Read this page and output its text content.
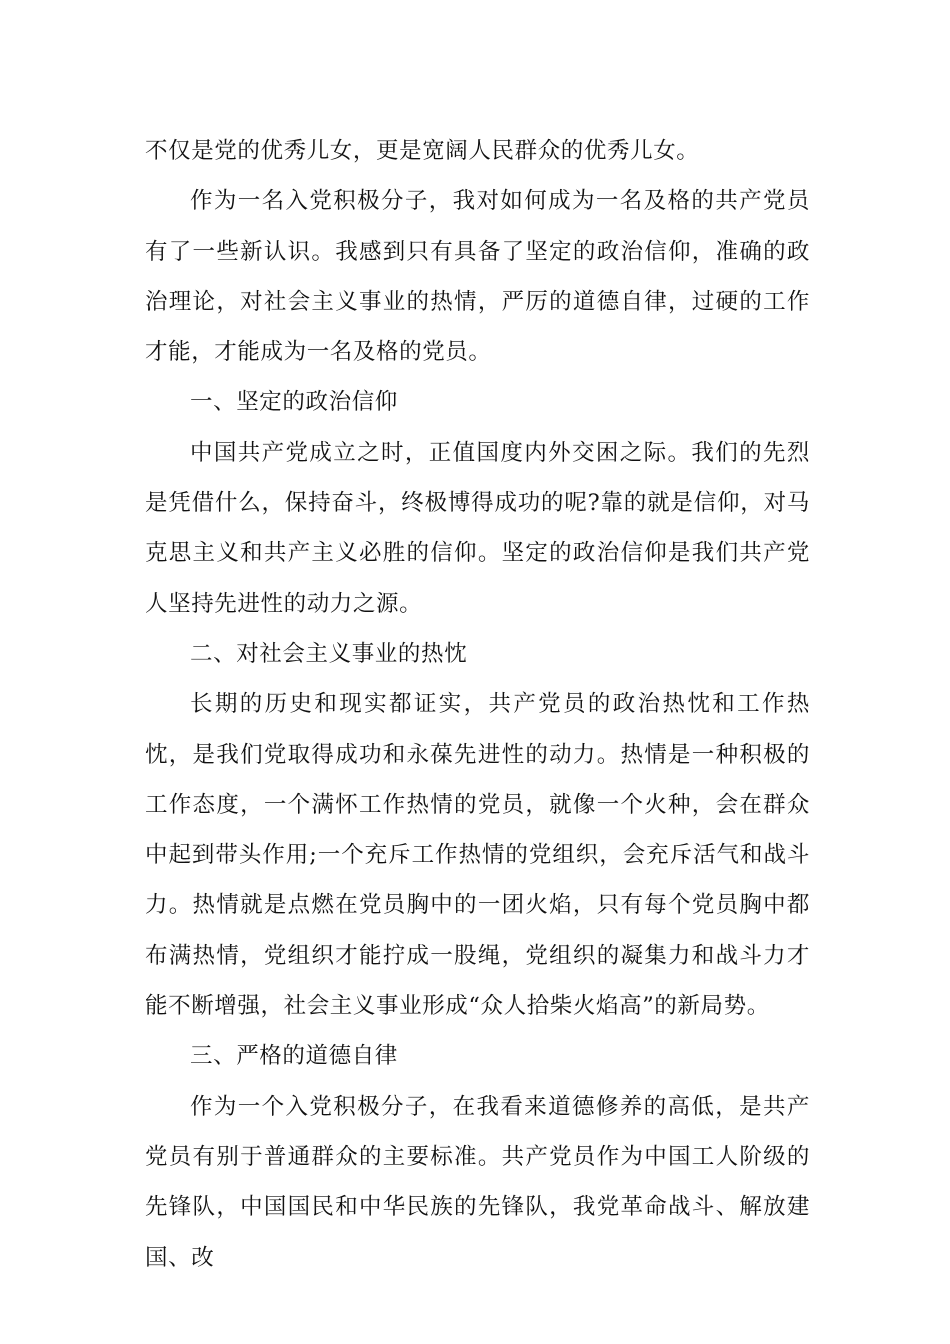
不仅是党的优秀儿女，更是宽阔人民群众的优秀儿女。

作为一名入党积极分子，我对如何成为一名及格的共产党员有了一些新认识。我感到只有具备了坚定的政治信仰，准确的政治理论，对社会主义事业的热情，严厉的道德自律，过硬的工作才能，才能成为一名及格的党员。

一、坚定的政治信仰

中国共产党成立之时，正值国度内外交困之际。我们的先烈是凭借什么，保持奋斗，终极博得成功的呢?靠的就是信仰，对马克思主义和共产主义必胜的信仰。坚定的政治信仰是我们共产党人坚持先进性的动力之源。

二、对社会主义事业的热忱

长期的历史和现实都证实，共产党员的政治热忱和工作热忱，是我们党取得成功和永葆先进性的动力。热情是一种积极的工作态度，一个满怀工作热情的党员，就像一个火种，会在群众中起到带头作用;一个充斥工作热情的党组织，会充斥活气和战斗力。热情就是点燃在党员胸中的一团火焰，只有每个党员胸中都布满热情，党组织才能拧成一股绳，党组织的凝集力和战斗力才能不断增强，社会主义事业形成“众人拾柴火焰高”的新局势。

三、严格的道德自律

作为一个入党积极分子，在我看来道德修养的高低，是共产党员有别于普通群众的主要标准。共产党员作为中国工人阶级的先锋队，中国国民和中华民族的先锋队，我党革命战斗、解放建国、改
